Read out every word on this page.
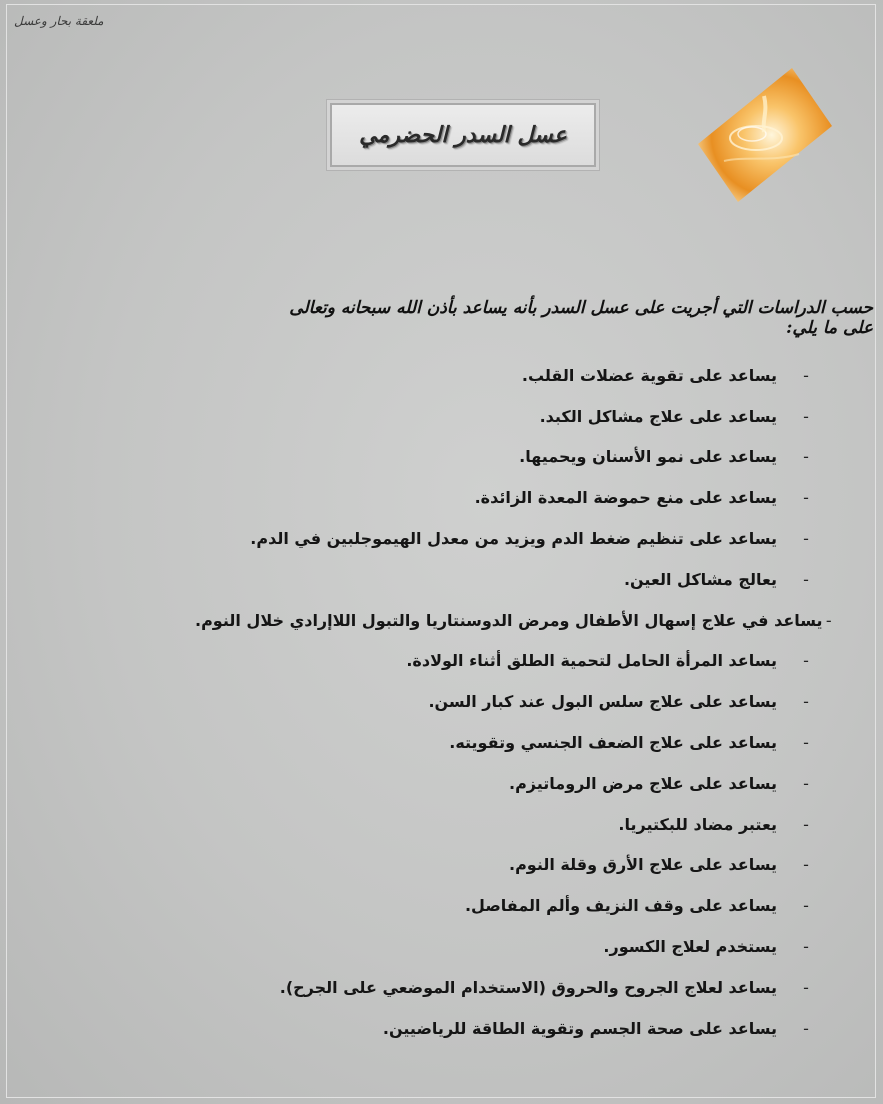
ملعقة بحار وعسل
عسل السدر الحضرمي
حسب الدراسات التي أجريت على عسل السدر بأنه يساعد بأذن الله سبحانه وتعالى على ما يلي:
-
يساعد على تقوية عضلات القلب.
-
يساعد على علاج مشاكل الكبد.
-
يساعد على نمو الأسنان ويحميها.
-
يساعد على منع حموضة المعدة الزائدة.
-
يساعد على تنظيم ضغط الدم ويزيد من معدل الهيموجلبين في الدم.
-
يعالج مشاكل العين.
-
يساعد في علاج إسهال الأطفال ومرض الدوسنتاريا والتبول اللاإرادي خلال النوم.
-
يساعد المرأة الحامل لتحمية الطلق أثناء الولادة.
-
يساعد على علاج سلس البول عند كبار السن.
-
يساعد على علاج الضعف الجنسي وتقويته.
-
يساعد على علاج مرض الروماتيزم.
-
يعتبر مضاد للبكتيريا.
-
يساعد على علاج الأرق وقلة النوم.
-
يساعد على وقف النزيف وألم المفاصل.
-
يستخدم لعلاج الكسور.
-
يساعد لعلاج الجروح والحروق (الاستخدام الموضعي على الجرح).
-
يساعد على صحة الجسم وتقوية الطاقة للرياضيين.
